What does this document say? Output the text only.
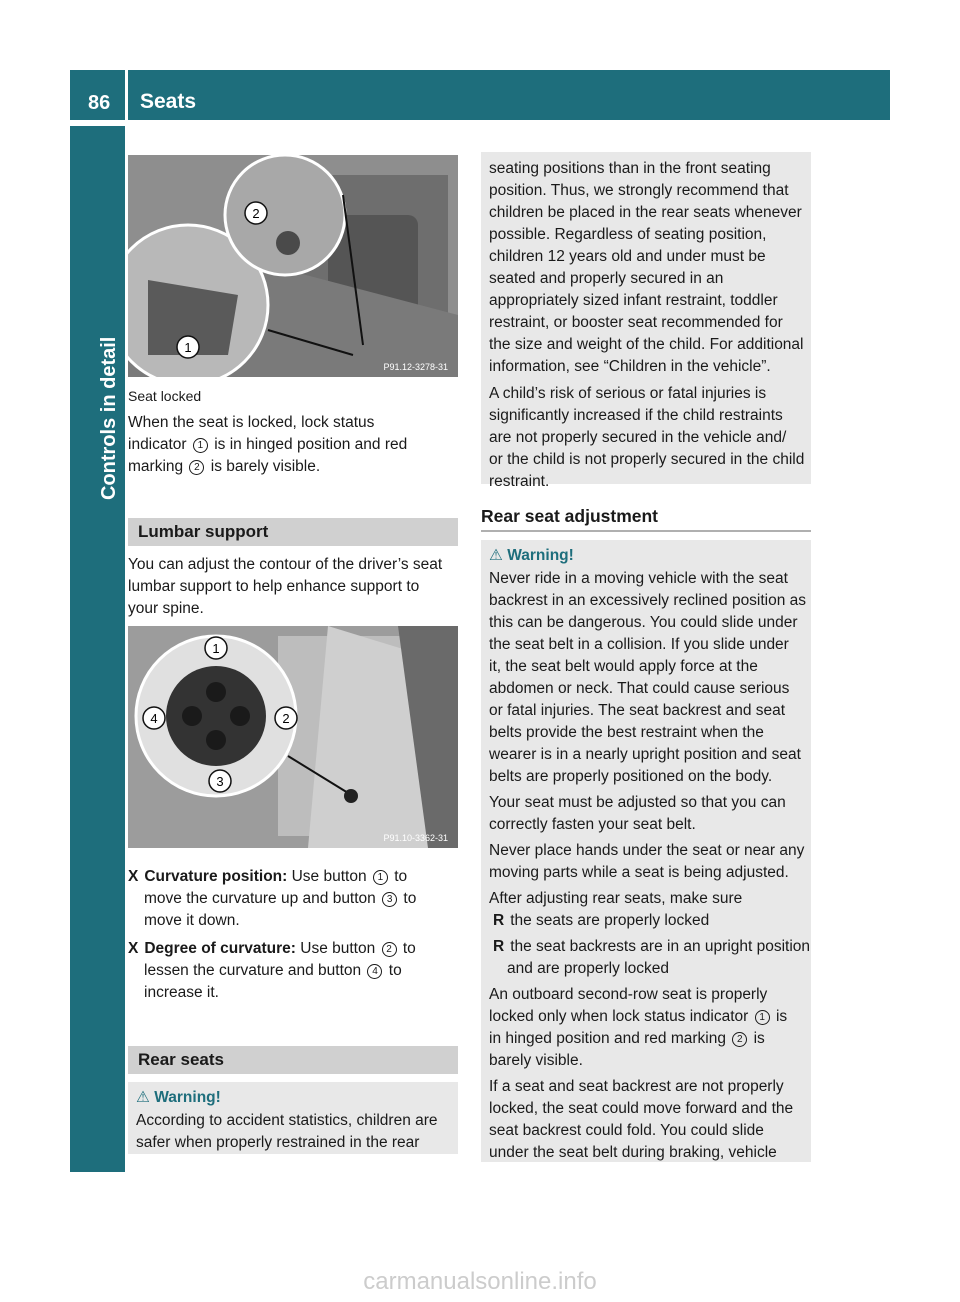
86 Seats
Controls in detail	1
2
P91.12-3278-31
Seat locked
When the seat is locked, lock status
indicator 1 is in hinged position and red
marking 2 is barely visible.
Lumbar support
You can adjust the contour of the driver’s seat
lumbar support to help enhance support to
your spine.
1
2
3
4
P91.10-3362-31
X Curvature position: Use button 1 to
move the curvature up and button 3 to
move it down.
X Degree of curvature: Use button 2 to
lessen the curvature and button 4 to
increase it.
Rear seats
⚠ Warning!
According to accident statistics, children are
safer when properly restrained in the rear
seating positions than in the front seating
position. Thus, we strongly recommend that
children be placed in the rear seats whenever
possible. Regardless of seating position,
children 12 years old and under must be
seated and properly secured in an
appropriately sized infant restraint, toddler
restraint, or booster seat recommended for
the size and weight of the child. For additional
information, see “Children in the vehicle”.
A child’s risk of serious or fatal injuries is
significantly increased if the child restraints
are not properly secured in the vehicle and/
or the child is not properly secured in the child
restraint.
Rear seat adjustment
⚠ Warning!
Never ride in a moving vehicle with the seat
backrest in an excessively reclined position as
this can be dangerous. You could slide under
the seat belt in a collision. If you slide under
it, the seat belt would apply force at the
abdomen or neck. That could cause serious
or fatal injuries. The seat backrest and seat
belts provide the best restraint when the
wearer is in a nearly upright position and seat
belts are properly positioned on the body.
Your seat must be adjusted so that you can
correctly fasten your seat belt.
Never place hands under the seat or near any
moving parts while a seat is being adjusted.
After adjusting rear seats, make sure
R the seats are properly locked
R the seat backrests are in an upright position
and are properly locked
An outboard second-row seat is properly
locked only when lock status indicator 1 is
in hinged position and red marking 2 is
barely visible.
If a seat and seat backrest are not properly
locked, the seat could move forward and the
seat backrest could fold. You could slide
under the seat belt during braking, vehicle
carmanualsonline.info
